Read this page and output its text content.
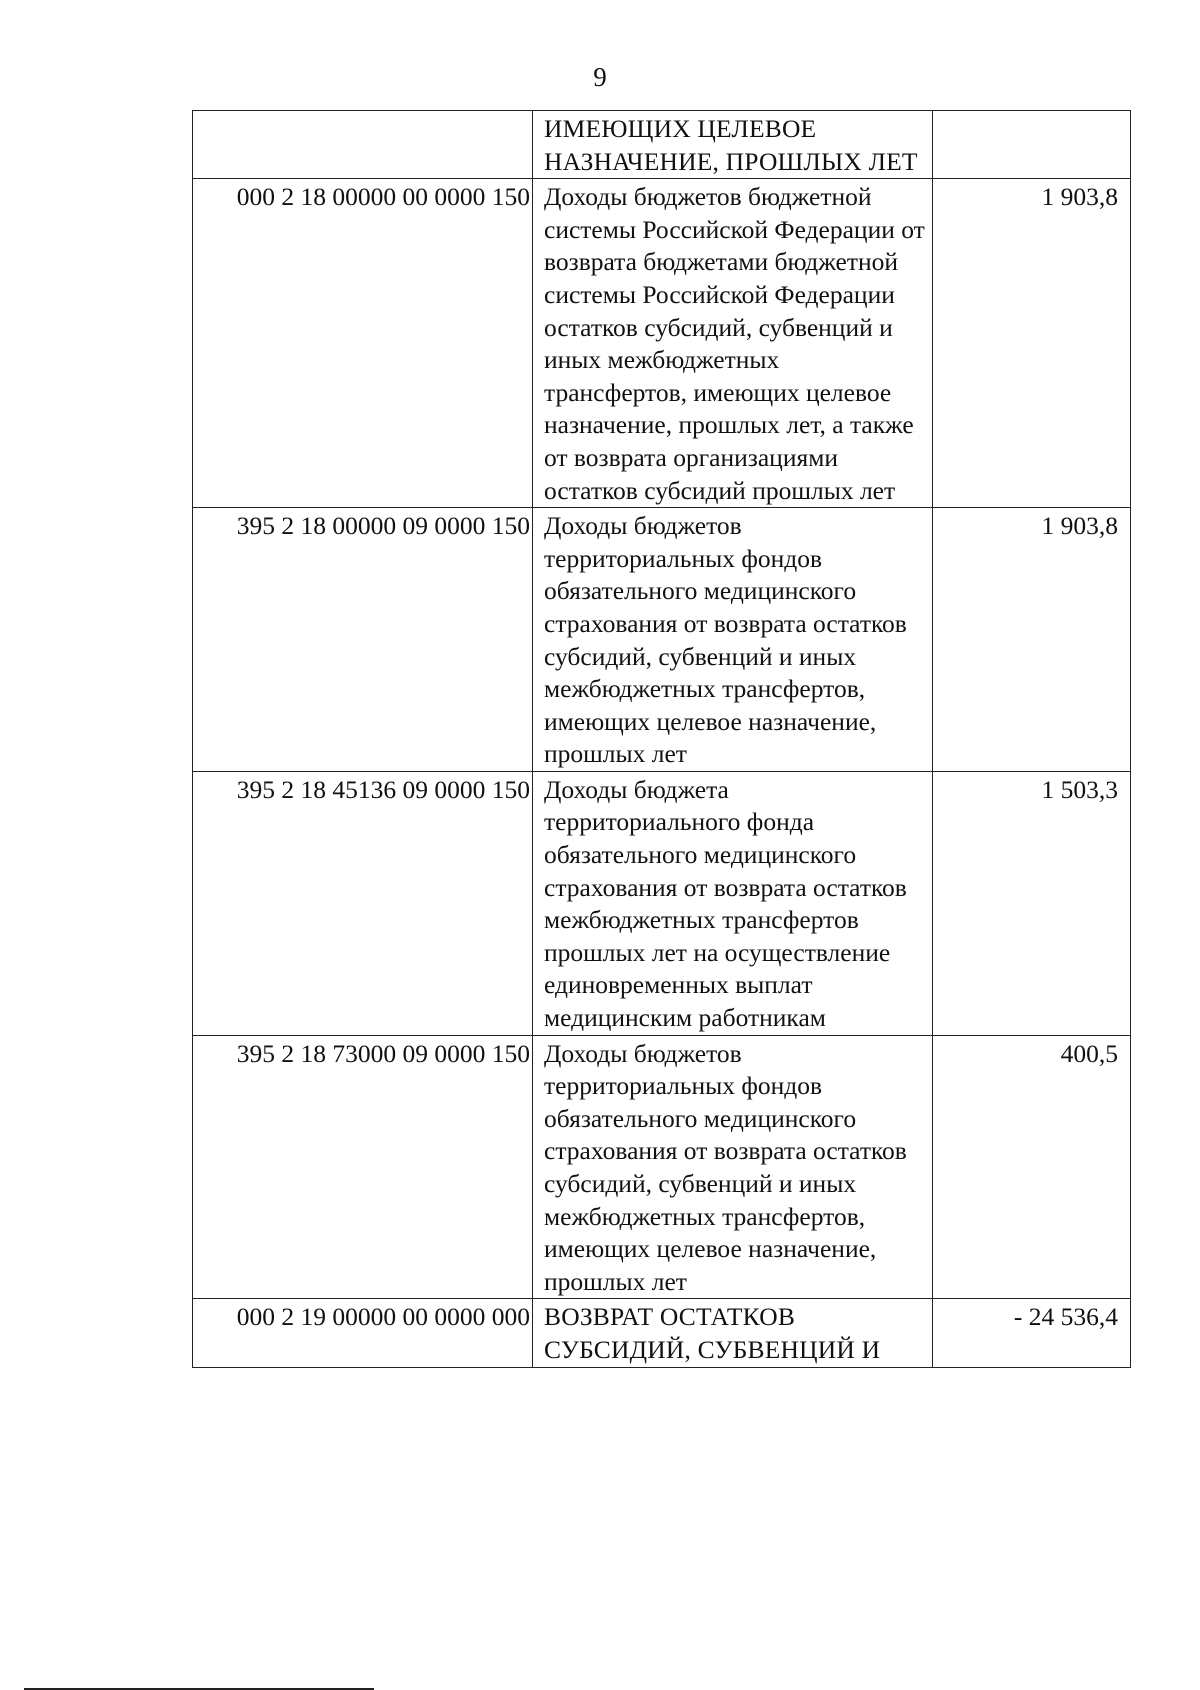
9
	ИМЕЮЩИХ ЦЕЛЕВОЕ НАЗНАЧЕНИЕ, ПРОШЛЫХ ЛЕТ	
000 2 18 00000 00 0000 150	Доходы бюджетов бюджетной системы Российской Федерации от возврата бюджетами бюджетной системы Российской Федерации остатков субсидий, субвенций и иных межбюджетных трансфертов, имеющих целевое назначение, прошлых лет, а также от возврата организациями остатков субсидий прошлых лет	1 903,8
395 2 18 00000 09 0000 150	Доходы бюджетов территориальных фондов обязательного медицинского страхования от возврата остатков субсидий, субвенций и иных межбюджетных трансфертов, имеющих целевое назначение, прошлых лет	1 903,8
395 2 18 45136 09 0000 150	Доходы бюджета территориального фонда обязательного медицинского страхования от возврата остатков межбюджетных трансфертов прошлых лет на осуществление единовременных выплат медицинским работникам	1 503,3
395 2 18 73000 09 0000 150	Доходы бюджетов территориальных фондов обязательного медицинского страхования от возврата остатков субсидий, субвенций и иных межбюджетных трансфертов, имеющих целевое назначение, прошлых лет	400,5
000 2 19 00000 00 0000 000	ВОЗВРАТ ОСТАТКОВ СУБСИДИЙ, СУБВЕНЦИЙ И	- 24 536,4
